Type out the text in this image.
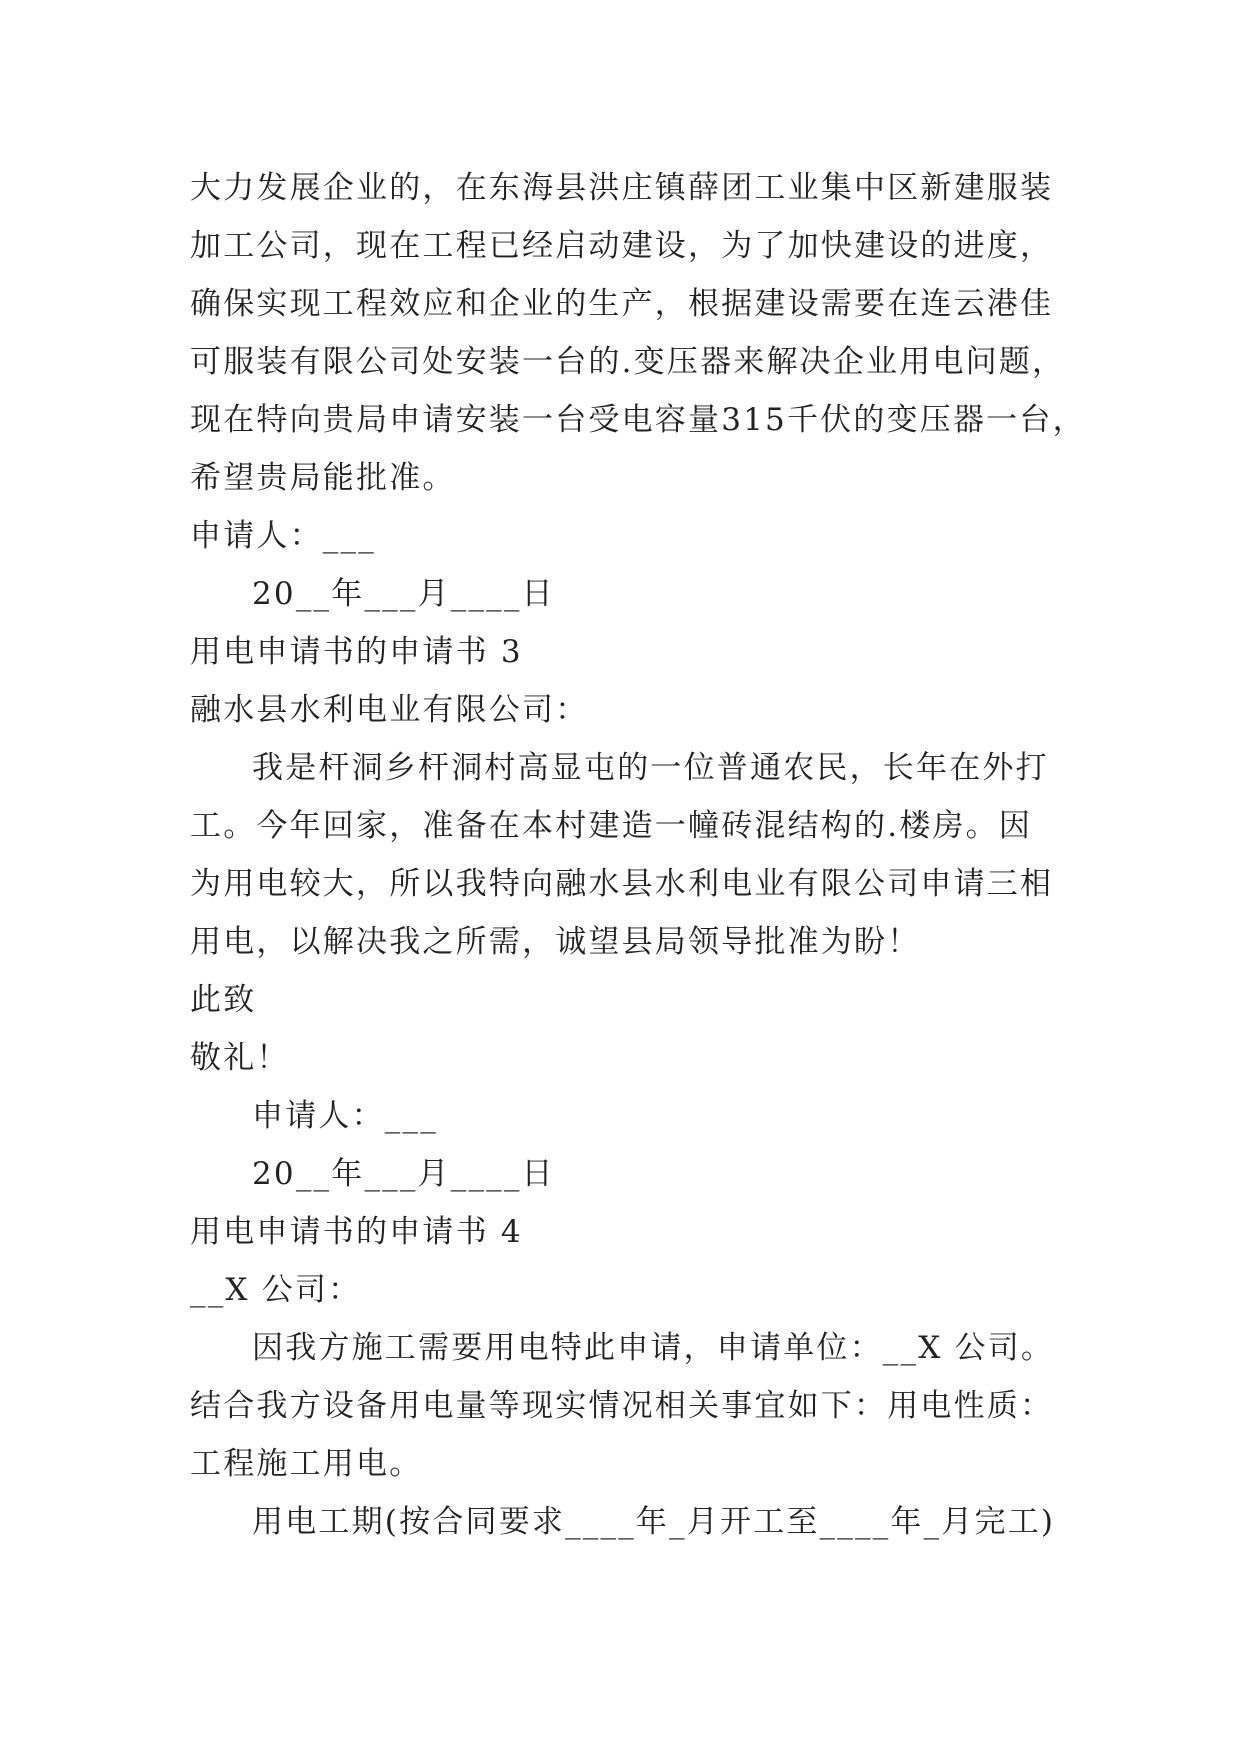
大力发展企业的，在东海县洪庄镇薛团工业集中区新建服装
加工公司，现在工程已经启动建设，为了加快建设的进度，
确保实现工程效应和企业的生产，根据建设需要在连云港佳
可服装有限公司处安装一台的.变压器来解决企业用电问题，
现在特向贵局申请安装一台受电容量315千伏的变压器一台，
希望贵局能批准。
申请人：___
20__年___月____日
用电申请书的申请书 3
融水县水利电业有限公司：
我是杆洞乡杆洞村高显屯的一位普通农民，长年在外打
工。今年回家，准备在本村建造一幢砖混结构的.楼房。因
为用电较大，所以我特向融水县水利电业有限公司申请三相
用电，以解决我之所需，诚望县局领导批准为盼！
此致
敬礼！
申请人：___
20__年___月____日
用电申请书的申请书 4
__X 公司：
因我方施工需要用电特此申请，申请单位：__X 公司。
结合我方设备用电量等现实情况相关事宜如下：用电性质：
工程施工用电。
用电工期(按合同要求____年_月开工至____年_月完工)
